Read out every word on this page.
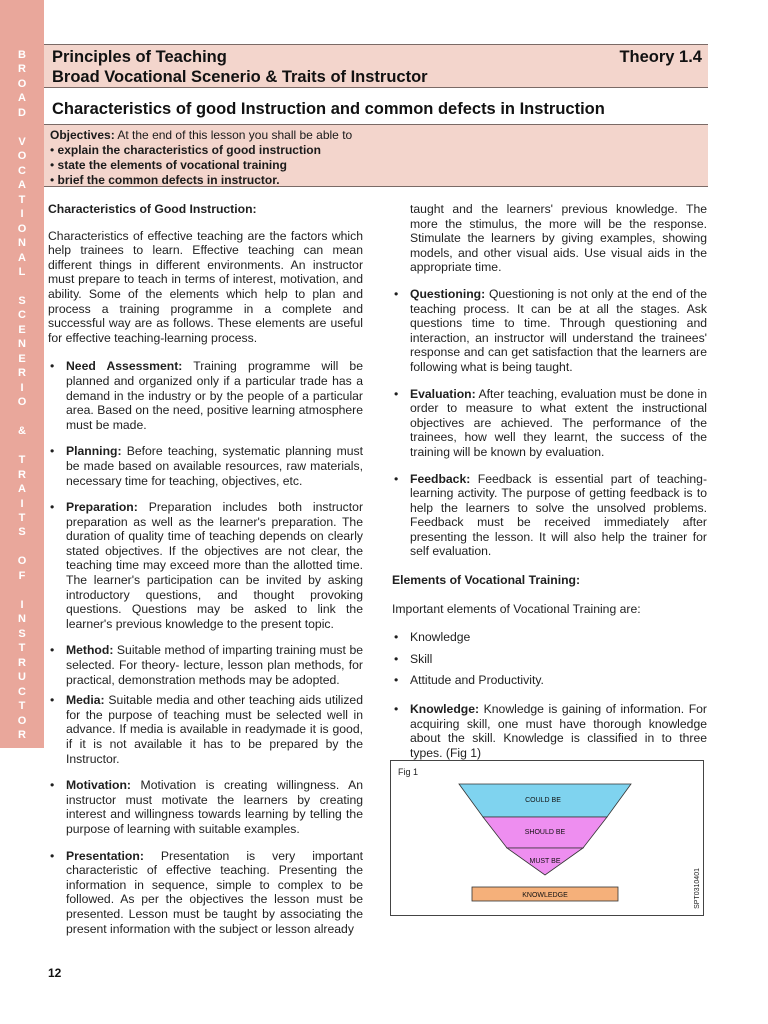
B
R
O
A
D
V
O
C
A
T
I
O
N
A
L
S
C
E
N
E
R
I
O
&
T
R
A
I
T
S
O
F
I
N
S
T
R
U
C
T
O
R
Principles of Teaching
Broad Vocational Scenerio & Traits of Instructor
Theory 1.4
Characteristics of good Instruction and common defects in Instruction
Objectives: At the end of this lesson you shall be able to
• explain the characteristics of good instruction
• state the elements of vocational training
• brief the common defects in instructor.

Characteristics of Good Instruction:

Characteristics of effective teaching are the factors which help trainees to learn. Effective teaching can mean different things in different environments. An instructor must prepare to teach in terms of interest, motivation, and ability. Some of the elements which help to plan and process a training programme in a complete and successful way are as follows. These elements are useful for effective teaching-learning process.

• Need Assessment: Training programme will be planned and organized only if a particular trade has a demand in the industry or by the people of a particular area. Based on the need, positive learning atmosphere must be made.
• Planning: Before teaching, systematic planning must be made based on available resources, raw materials, necessary time for teaching, objectives, etc.
• Preparation: Preparation includes both instructor preparation as well as the learner's preparation. The duration of quality time of teaching depends on clearly stated objectives. If the objectives are not clear, the teaching time may exceed more than the allotted time. The learner's participation can be invited by asking introductory questions, and thought provoking questions. Questions may be asked to link the learner's previous knowledge to the present topic.
• Method: Suitable method of imparting training must be selected. For theory- lecture, lesson plan methods, for practical, demonstration methods may be adopted.
• Media: Suitable media and other teaching aids utilized for the purpose of teaching must be selected well in advance. If media is available in readymade it is good, if it is not available it has to be prepared by the Instructor.
• Motivation: Motivation is creating willingness. An instructor must motivate the learners by creating interest and willingness towards learning by telling the purpose of learning with suitable examples.
• Presentation: Presentation is very important characteristic of effective teaching. Presenting the information in sequence, simple to complex to be followed. As per the objectives the lesson must be presented. Lesson must be taught by associating the present information with the subject or lesson already

taught and the learners' previous knowledge. The more the stimulus, the more will be the response. Stimulate the learners by giving examples, showing models, and other visual aids. Use visual aids in the appropriate time.

• Questioning: Questioning is not only at the end of the teaching process. It can be at all the stages. Ask questions time to time. Through questioning and interaction, an instructor will understand the trainees' response and can get satisfaction that the learners are following what is being taught.
• Evaluation: After teaching, evaluation must be done in order to measure to what extent the instructional objectives are achieved. The performance of the trainees, how well they learnt, the success of the training will be known by evaluation.
• Feedback: Feedback is essential part of teaching-learning activity. The purpose of getting feedback is to help the learners to solve the unsolved problems. Feedback must be received immediately after presenting the lesson. It will also help the trainer for self evaluation.

Elements of Vocational Training:

Important elements of Vocational Training are:

• Knowledge
• Skill
• Attitude and Productivity.
• Knowledge: Knowledge is gaining of information. For acquiring skill, one must have thorough knowledge about the skill. Knowledge is classified in to three types. (Fig 1)
Fig 1
COULD BE
SHOULD BE
MUST BE
KNOWLEDGE	SPT0310401
12
